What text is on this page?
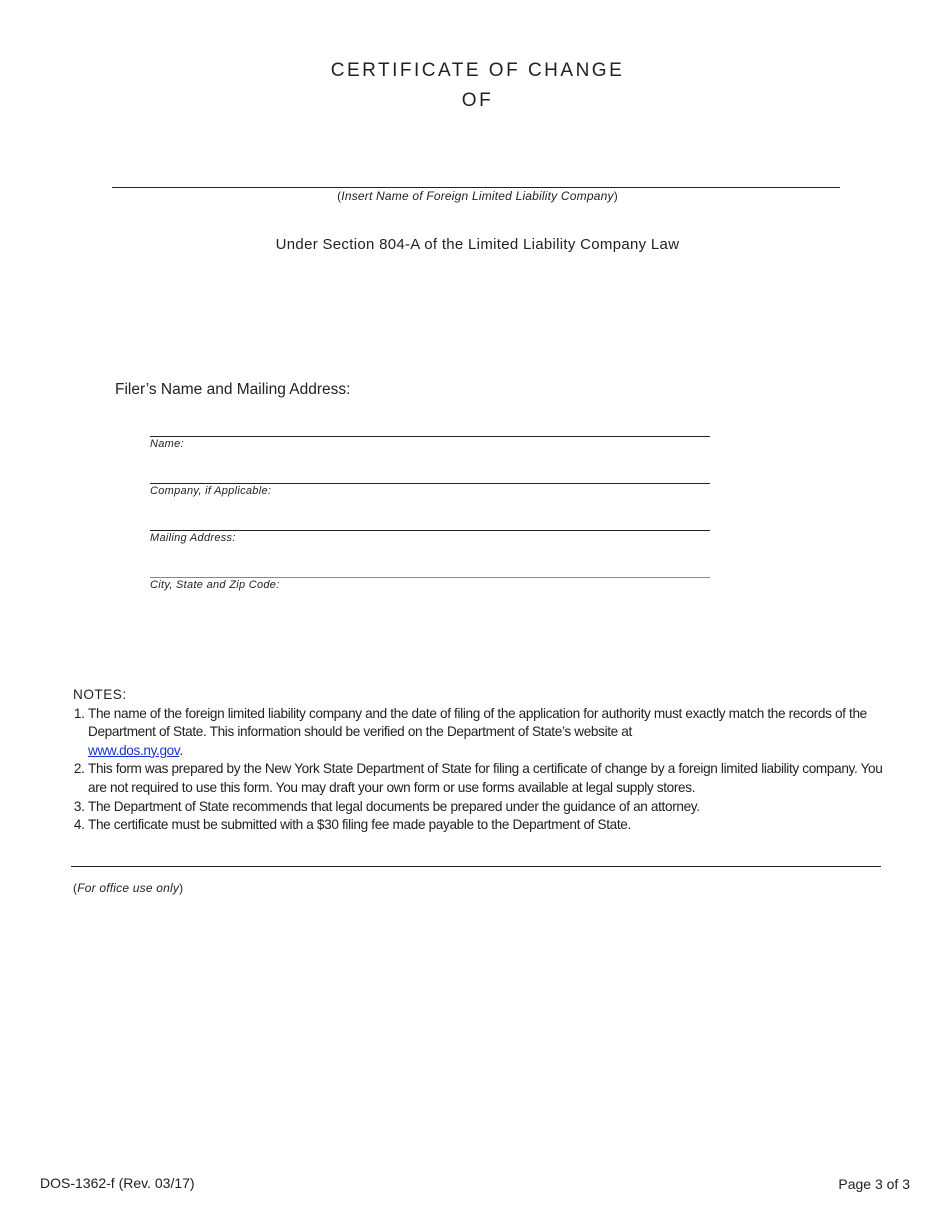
CERTIFICATE OF CHANGE
OF
(Insert Name of Foreign Limited Liability Company)
Under Section 804-A of the Limited Liability Company Law
Filer’s Name and Mailing Address:
Name:
Company, if Applicable:
Mailing Address:
City, State and Zip Code:
NOTES:
1. The name of the foreign limited liability company and the date of filing of the application for authority must exactly match the records of the Department of State. This information should be verified on the Department of State’s website at
www.dos.ny.gov.
2. This form was prepared by the New York State Department of State for filing a certificate of change by a foreign limited liability company. You are not required to use this form. You may draft your own form or use forms available at legal supply stores.
3. The Department of State recommends that legal documents be prepared under the guidance of an attorney.
4. The certificate must be submitted with a $30 filing fee made payable to the Department of State.
(For office use only)
DOS-1362-f (Rev. 03/17)	Page 3 of 3
